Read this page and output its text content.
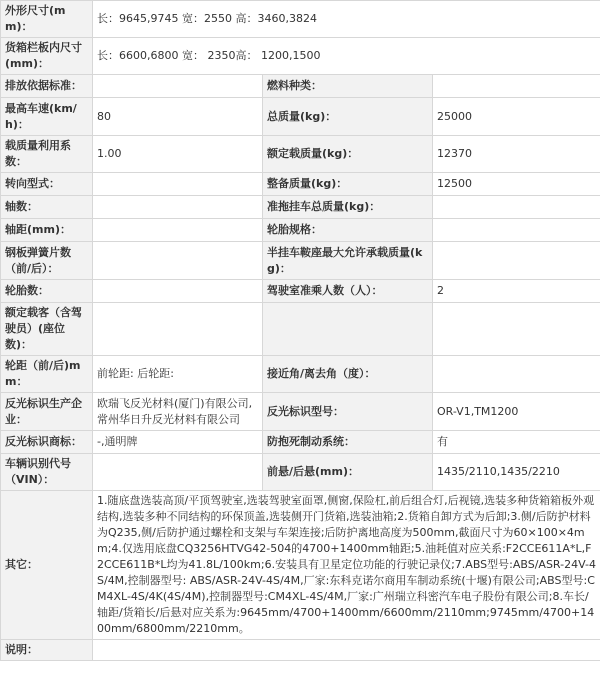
外形尺寸(mm)：	长：9645,9745 宽：2550 高：3460,3824		
货箱栏板内尺寸(mm)：	长：6600,6800 宽： 2350高： 1200,1500		
排放依据标准：		燃料种类：	
最高车速(km/h)：	80	总质量(kg)：	25000
载质量利用系数：	1.00	额定载质量(kg)：	12370
转向型式：		整备质量(kg)：	12500
轴数：		准拖挂车总质量(kg)：	
轴距(mm)：		轮胎规格：	
钢板弹簧片数（前/后）：		半挂车鞍座最大允许承载质量(kg)：	
轮胎数：		驾驶室准乘人数（人）：	2
额定载客（含驾驶员）(座位数)：			
轮距（前/后)mm：	前轮距: 后轮距:	接近角/离去角（度）：	
反光标识生产企业：	欧瑞飞反光材料(厦门)有限公司,常州华日升反光材料有限公司	反光标识型号：	OR-V1,TM1200
反光标识商标：	-,通明牌	防抱死制动系统：	有
车辆识别代号（VIN）：		前悬/后悬(mm)：	1435/2110,1435/2210
其它：	1.随底盘选装高顶/平顶驾驶室,选装驾驶室面罩,侧窗,保险杠,前后组合灯,后视镜,选装多种货箱箱板外观结构,选装多种不同结构的环保顶盖,选装侧开门货箱,选装油箱;2.货箱自卸方式为后卸;3.侧/后防护材料为Q235,侧/后防护通过螺栓和支架与车架连接;后防护离地高度为500mm,截面尺寸为60×100×4mm;4.仅选用底盘CQ3256HTVG42-504的4700+1400mm轴距;5.油耗值对应关系:F2CCE611A*L,F2CCE611B*L均为41.8L/100km;6.安装具有卫星定位功能的行驶记录仪;7.ABS型号:ABS/ASR-24V-4S/4M,控制器型号: ABS/ASR-24V-4S/4M,厂家:东科克诺尔商用车制动系统(十堰)有限公司;ABS型号:CM4XL-4S/4K(4S/4M),控制器型号:CM4XL-4S/4M,厂家:广州瑞立科密汽车电子股份有限公司;8.车长/轴距/货箱长/后悬对应关系为:9645mm/4700+1400mm/6600mm/2110mm;9745mm/4700+1400mm/6800mm/2210mm。		
说明：			
